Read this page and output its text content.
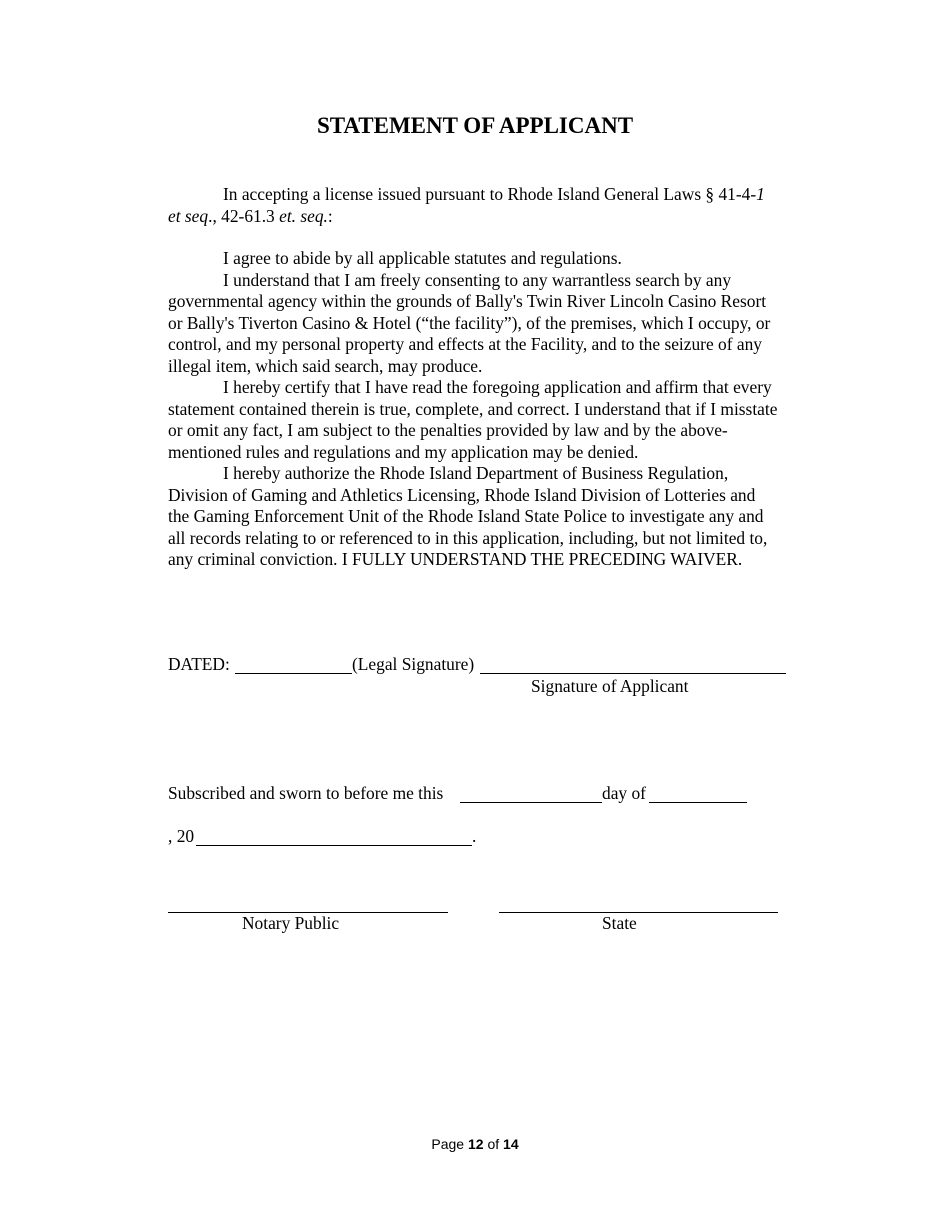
STATEMENT OF APPLICANT

In accepting a license issued pursuant to Rhode Island General Laws § 41-4-1 et seq., 42-61.3 et. seq.:

I agree to abide by all applicable statutes and regulations.

I understand that I am freely consenting to any warrantless search by any governmental agency within the grounds of Bally's Twin River Lincoln Casino Resort or Bally's Tiverton Casino & Hotel (“the facility”), of the premises, which I occupy, or control, and my personal property and effects at the Facility, and to the seizure of any illegal item, which said search, may produce.

I hereby certify that I have read the foregoing application and affirm that every statement contained therein is true, complete, and correct. I understand that if I misstate or omit any fact, I am subject to the penalties provided by law and by the above-mentioned rules and regulations and my application may be denied.

I hereby authorize the Rhode Island Department of Business Regulation, Division of Gaming and Athletics Licensing, Rhode Island Division of Lotteries and the Gaming Enforcement Unit of the Rhode Island State Police to investigate any and all records relating to or referenced to in this application, including, but not limited to, any criminal conviction. I FULLY UNDERSTAND THE PRECEDING WAIVER.

DATED:	(Legal Signature)
Signature of Applicant
Subscribed and sworn to before me this	day of
, 20	.
Notary Public	State
Page 12 of 14
